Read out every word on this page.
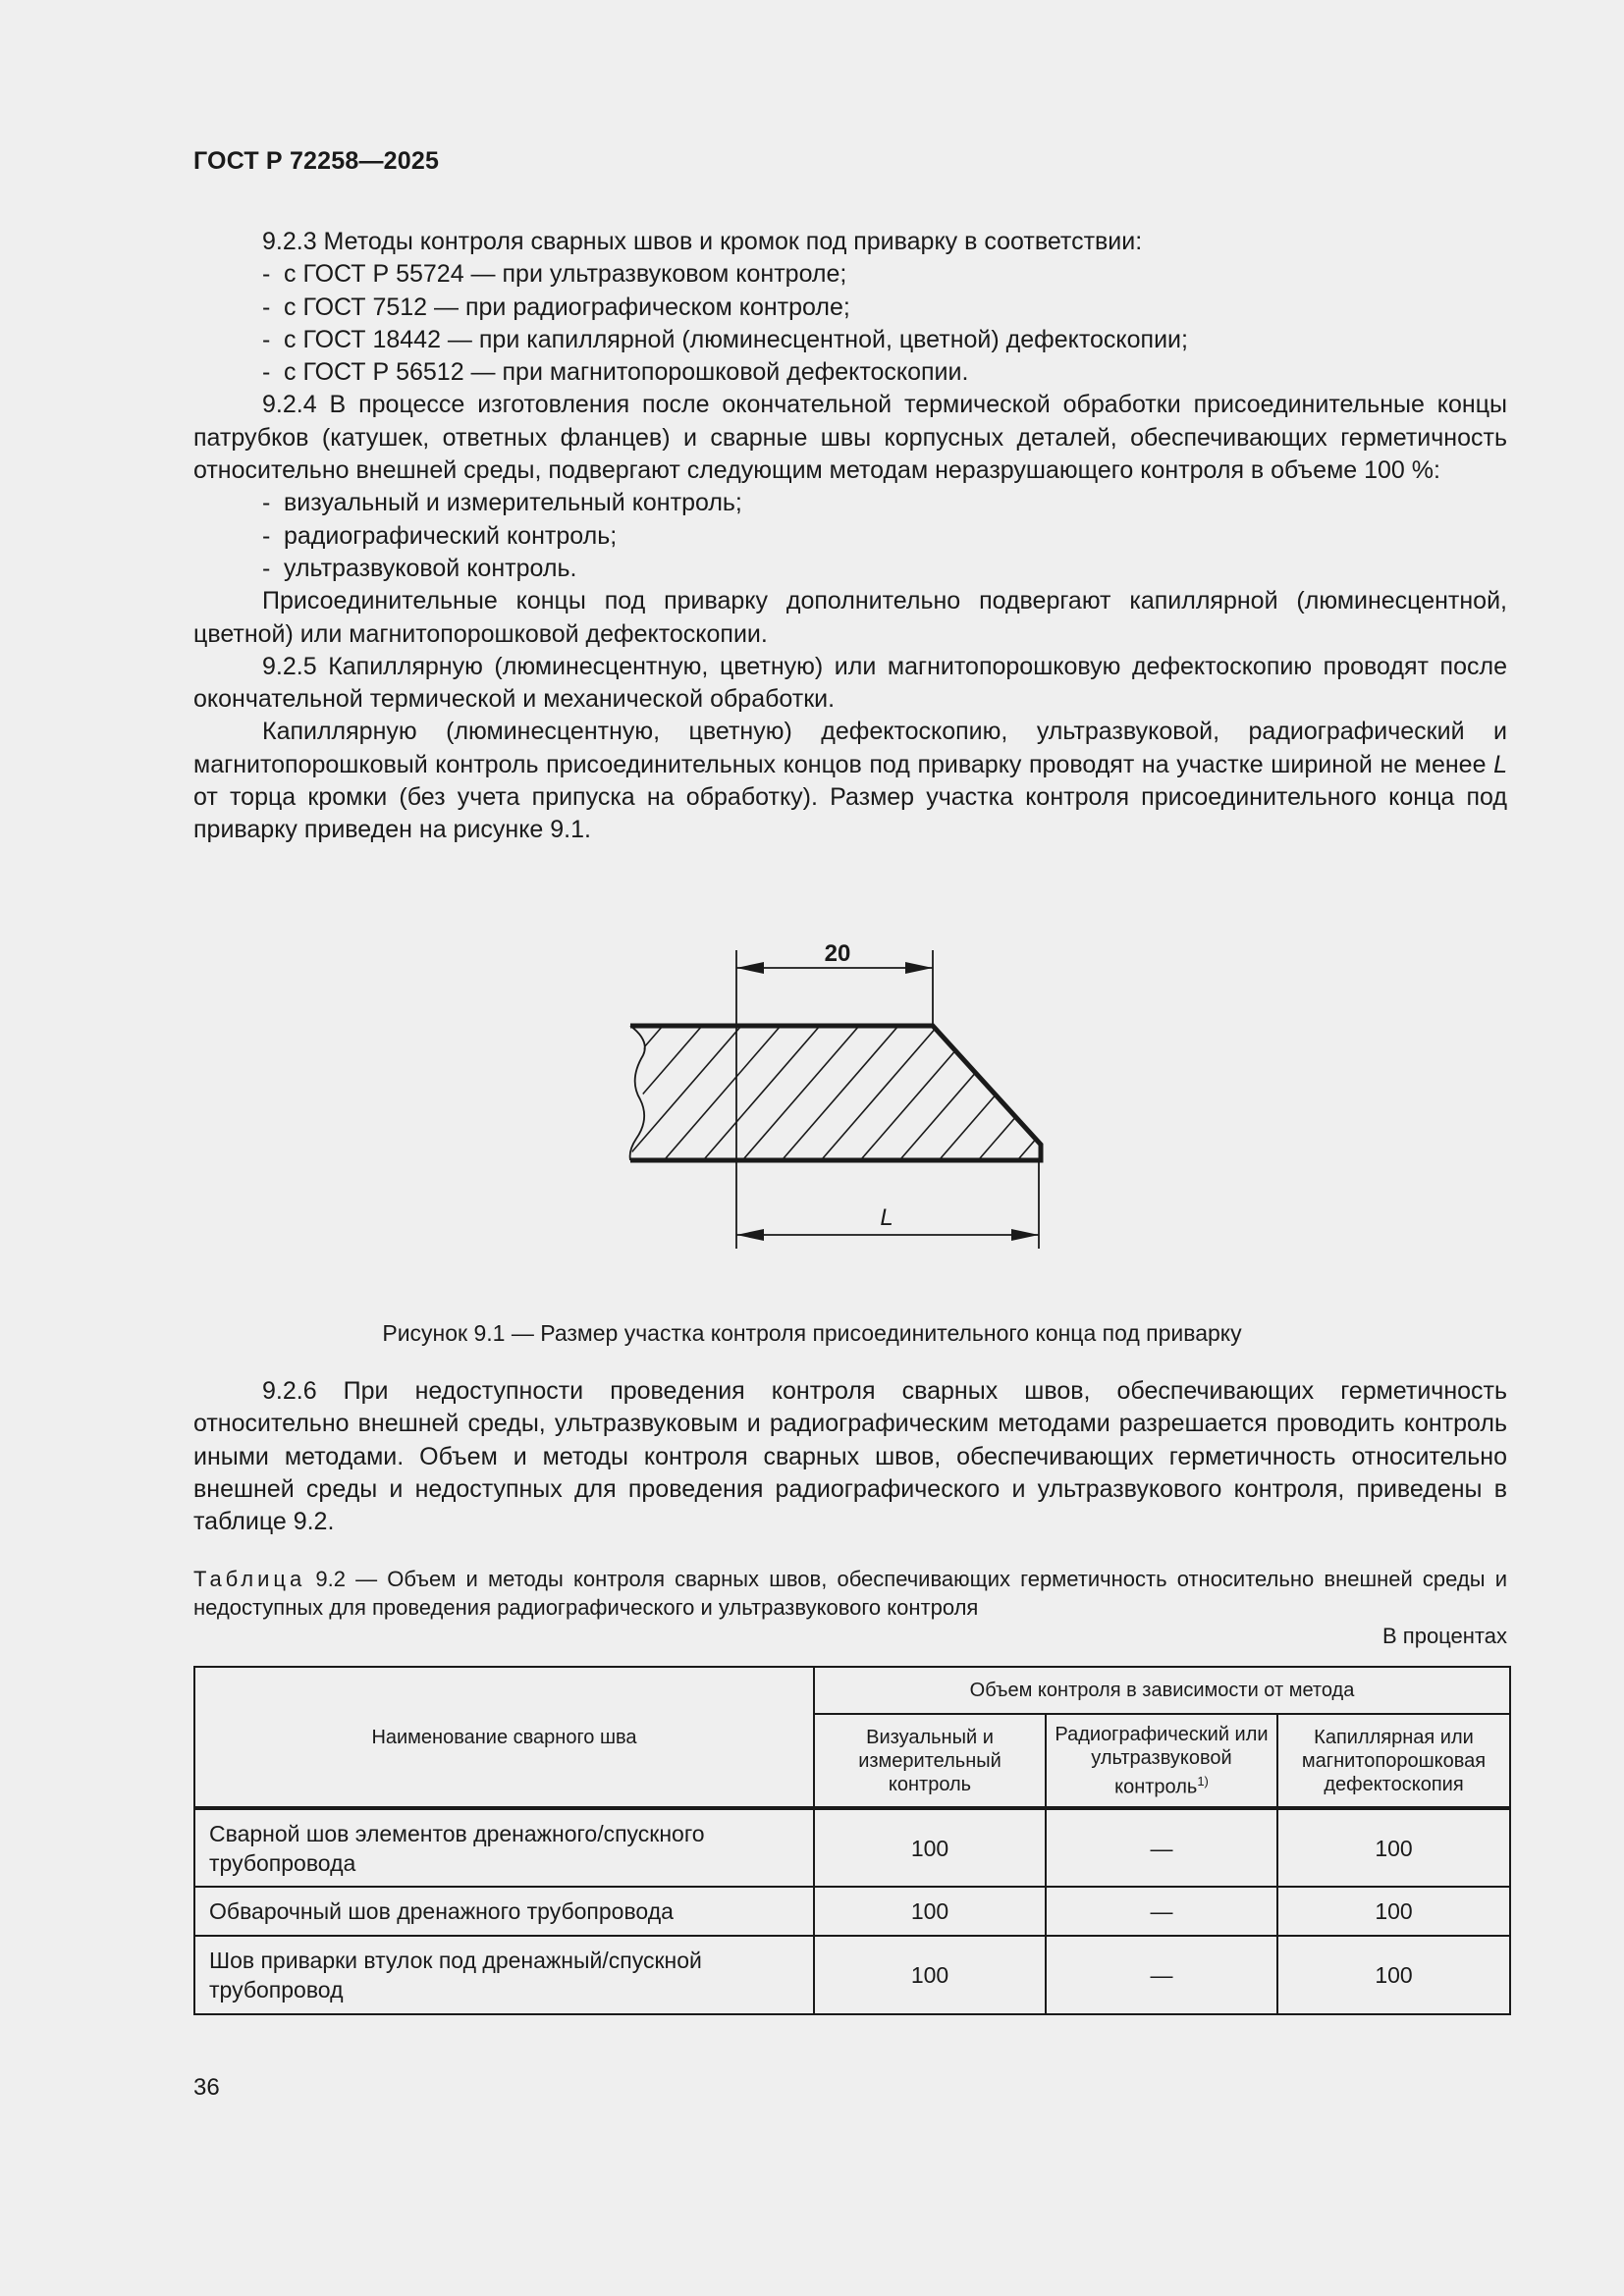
ГОСТ Р 72258—2025

9.2.3 Методы контроля сварных швов и кромок под приварку в соответствии:

- с ГОСТ Р 55724 — при ультразвуковом контроле;

- с ГОСТ 7512 — при радиографическом контроле;

- с ГОСТ 18442 — при капиллярной (люминесцентной, цветной) дефектоскопии;

- с ГОСТ Р 56512 — при магнитопорошковой дефектоскопии.

9.2.4 В процессе изготовления после окончательной термической обработки присоединительные концы патрубков (катушек, ответных фланцев) и сварные швы корпусных деталей, обеспечивающих герметичность относительно внешней среды, подвергают следующим методам неразрушающего контроля в объеме 100 %:

- визуальный и измерительный контроль;

- радиографический контроль;

- ультразвуковой контроль.

Присоединительные концы под приварку дополнительно подвергают капиллярной (люминесцентной, цветной) или магнитопорошковой дефектоскопии.

9.2.5 Капиллярную (люминесцентную, цветную) или магнитопорошковую дефектоскопию проводят после окончательной термической и механической обработки.

Капиллярную (люминесцентную, цветную) дефектоскопию, ультразвуковой, радиографический и магнитопорошковый контроль присоединительных концов под приварку проводят на участке шириной не менее L от торца кромки (без учета припуска на обработку). Размер участка контроля присоединительного конца под приварку приведен на рисунке 9.1.

20
L
Рисунок 9.1 — Размер участка контроля присоединительного конца под приварку

9.2.6 При недоступности проведения контроля сварных швов, обеспечивающих герметичность относительно внешней среды, ультразвуковым и радиографическим методами разрешается проводить контроль иными методами. Объем и методы контроля сварных швов, обеспечивающих герметичность относительно внешней среды и недоступных для проведения радиографического и ультразвукового контроля, приведены в таблице 9.2.

Таблица 9.2 — Объем и методы контроля сварных швов, обеспечивающих герметичность относительно внешней среды и недоступных для проведения радиографического и ультразвукового контроля
В процентах
Наименование сварного шва	Объем контроля в зависимости от метода		
	Визуальный и измерительный контроль	Радиографический или ультразвуковой контроль$^{1)}$	Капиллярная или магнитопорошковая дефектоскопия
Сварной шов элементов дренажного/спускного трубопровода	100	—	100
Обварочный шов дренажного трубопровода	100	—	100
Шов приварки втулок под дренажный/спускной трубопровод	100	—	100
36
